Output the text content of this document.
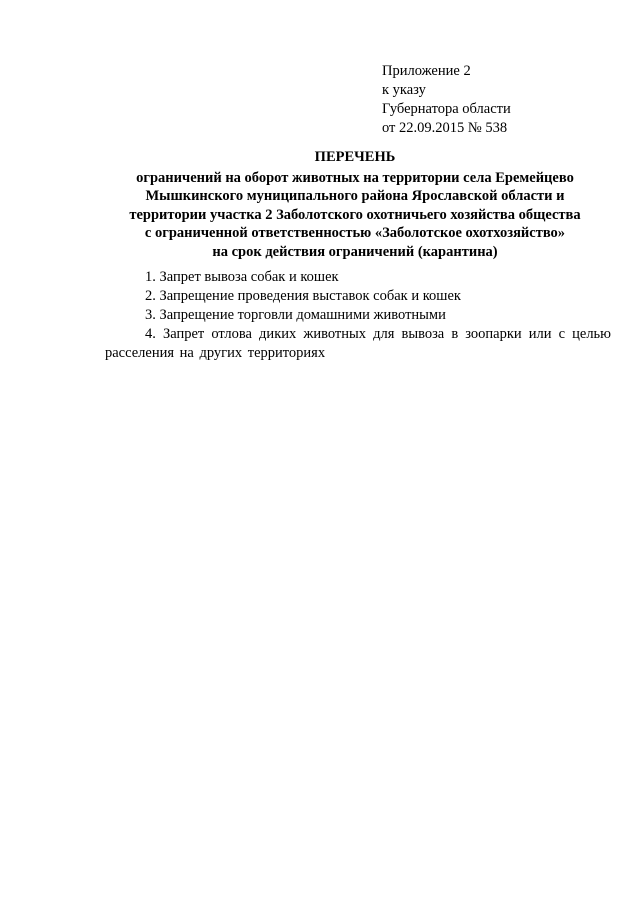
Приложение 2
к указу
Губернатора области
от 22.09.2015 № 538
ПЕРЕЧЕНЬ
ограничений на оборот животных на территории села Еремейцево
Мышкинского муниципального района Ярославской области и
территории участка 2 Заболотского охотничьего хозяйства общества
с ограниченной ответственностью «Заболотское охотхозяйство»
на срок действия ограничений (карантина)
1. Запрет вывоза собак и кошек
2. Запрещение проведения выставок собак и кошек
3. Запрещение торговли домашними животными
4. Запрет отлова диких животных для вывоза в зоопарки или с целью расселения на других территориях
